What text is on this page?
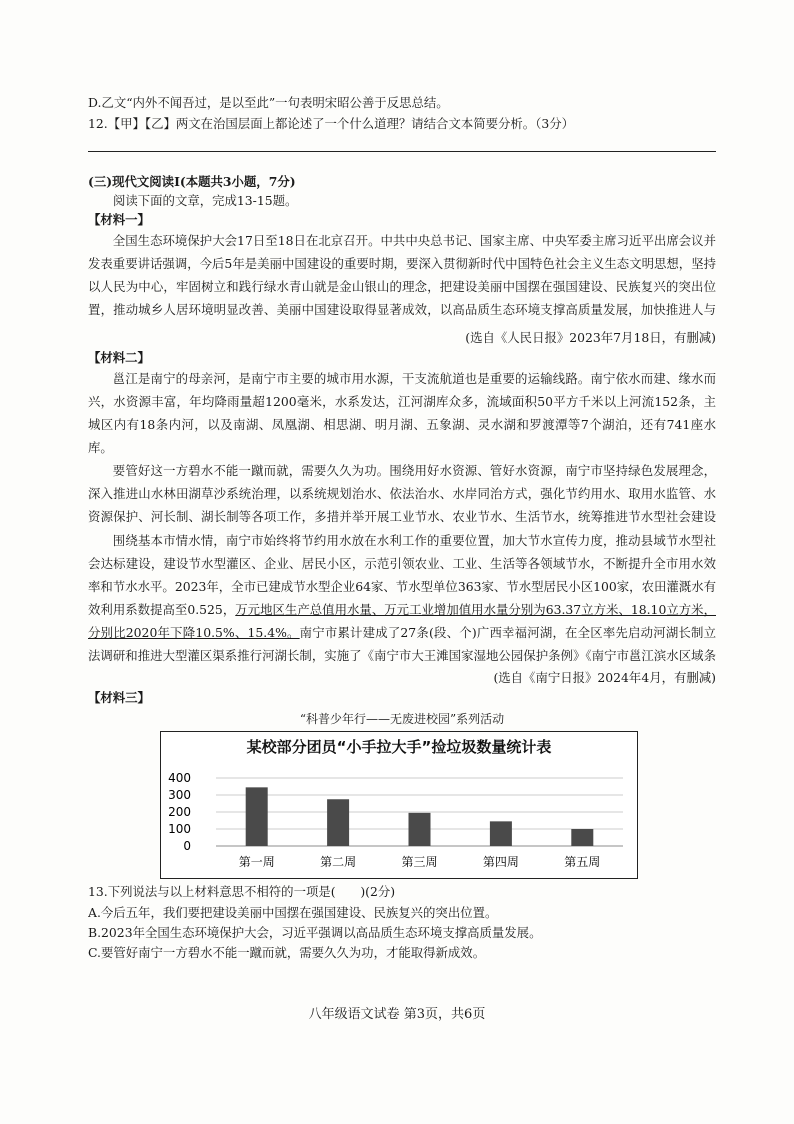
D.乙文“内外不闻吾过，是以至此”一句表明宋昭公善于反思总结。
12.【甲】【乙】两文在治国层面上都论述了一个什么道理？请结合文本简要分析。（3分）
(三)现代文阅读Ⅰ(本题共3小题，7分)
阅读下面的文章，完成13-15题。
【材料一】
全国生态环境保护大会17日至18日在北京召开。中共中央总书记、国家主席、中央军委主席习近平出席会议并发表重要讲话强调，今后5年是美丽中国建设的重要时期，要深入贯彻新时代中国特色社会主义生态文明思想，坚持以人民为中心，牢固树立和践行绿水青山就是金山银山的理念，把建设美丽中国摆在强国建设、民族复兴的突出位置，推动城乡人居环境明显改善、美丽中国建设取得显著成效，以高品质生态环境支撑高质量发展，加快推进人与
(选自《人民日报》2023年7月18日，有删减)
【材料二】
邕江是南宁的母亲河，是南宁市主要的城市用水源，干支流航道也是重要的运输线路。南宁依水而建、缘水而兴，水资源丰富，年均降雨量超1200毫米，水系发达，江河湖库众多，流域面积50平方千米以上河流152条，主城区内有18条内河，以及南湖、凤凰湖、相思湖、明月湖、五象湖、灵水湖和罗渡潭等7个湖泊，还有741座水库。
要管好这一方碧水不能一蹴而就，需要久久为功。围绕用好水资源、管好水资源，南宁市坚持绿色发展理念，深入推进山水林田湖草沙系统治理，以系统规划治水、依法治水、水岸同治方式，强化节约用水、取用水监管、水资源保护、河长制、湖长制等各项工作，多措并举开展工业节水、农业节水、生活节水，统筹推进节水型社会建设
围绕基本市情水情，南宁市始终将节约用水放在水利工作的重要位置，加大节水宣传力度，推动县域节水型社会达标建设，建设节水型灌区、企业、居民小区，示范引领农业、工业、生活等各领域节水，不断提升全市用水效率和节水水平。2023年，全市已建成节水型企业64家、节水型单位363家、节水型居民小区100家，农田灌溉水有效利用系数提高至0.525，万元地区生产总值用水量、万元工业增加值用水量分别为63.37立方米、18.10立方米，分别比2020年下降10.5%、15.4%。南宁市累计建成了27条(段、个)广西幸福河湖，在全区率先启动河湖长制立法调研和推进大型灌区渠系推行河湖长制，实施了《南宁市大王滩国家湿地公园保护条例》《南宁市邕江滨水区域条
(选自《南宁日报》2024年4月，有删减)
【材料三】
“科普少年行——无废进校园”系列活动
某校部分团员“小手拉大手”捡垃圾数量统计表
400
300
200
100
0
第一周	第二周	第三周	第四周	第五周
13.下列说法与以上材料意思不相符的一项是(　　)(2分)
A.今后五年，我们要把建设美丽中国摆在强国建设、民族复兴的突出位置。
B.2023年全国生态环境保护大会，习近平强调以高品质生态环境支撑高质量发展。
C.要管好南宁一方碧水不能一蹴而就，需要久久为功，才能取得新成效。
八年级语文试卷 第3页，共6页
